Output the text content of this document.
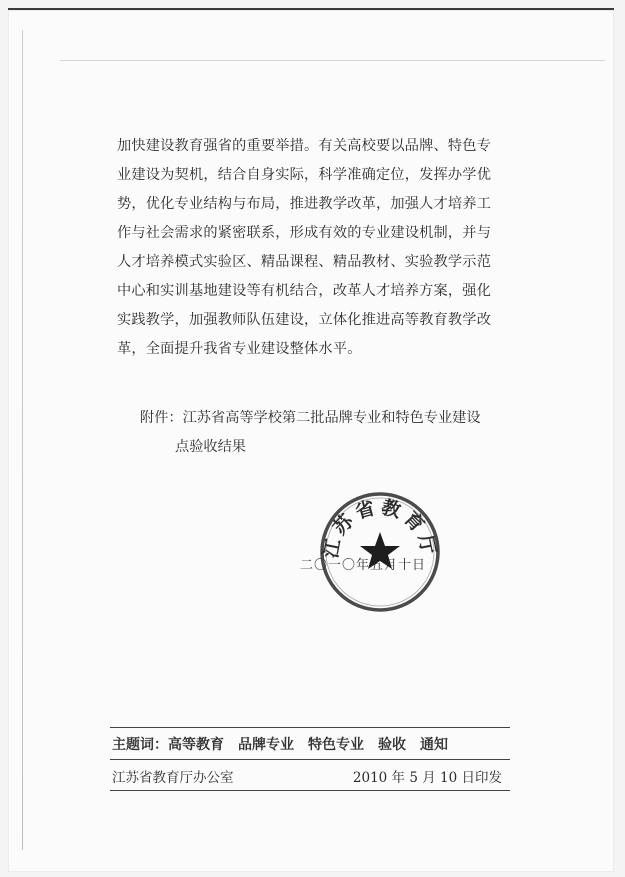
加快建设教育强省的重要举措。有关高校要以品牌、特色专

业建设为契机，结合自身实际，科学准确定位，发挥办学优

势，优化专业结构与布局，推进教学改革，加强人才培养工

作与社会需求的紧密联系，形成有效的专业建设机制，并与

人才培养模式实验区、精品课程、精品教材、实验教学示范

中心和实训基地建设等有机结合，改革人才培养方案，强化

实践教学，加强教师队伍建设，立体化推进高等教育教学改

革，全面提升我省专业建设整体水平。

附件：江苏省高等学校第二批品牌专业和特色专业建设
点验收结果
二〇一〇年五月十日
江苏省教育厅
主题词：高等教育 品牌专业 特色专业 验收 通知
江苏省教育厅办公室	2010 年 5 月 10 日印发
